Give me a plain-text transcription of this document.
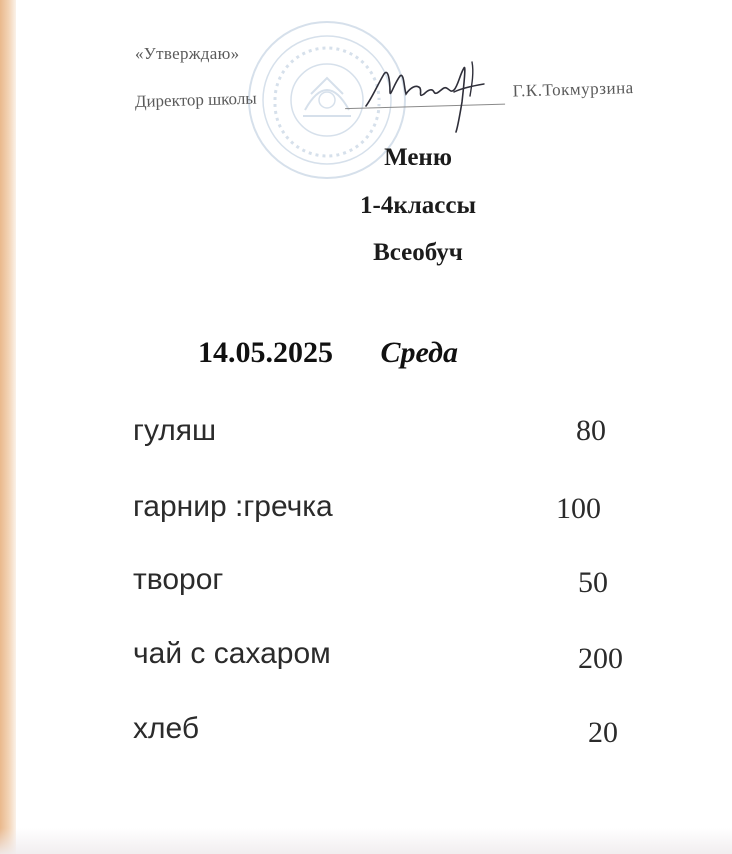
«Утверждаю»
Директор школы	Г.К.Токмурзина
Меню
1-4классы
Всеобуч
14.05.2025 Среда
гуляш	80
гарнир :гречка	100
творог	50
чай с сахаром	200
хлеб	20
